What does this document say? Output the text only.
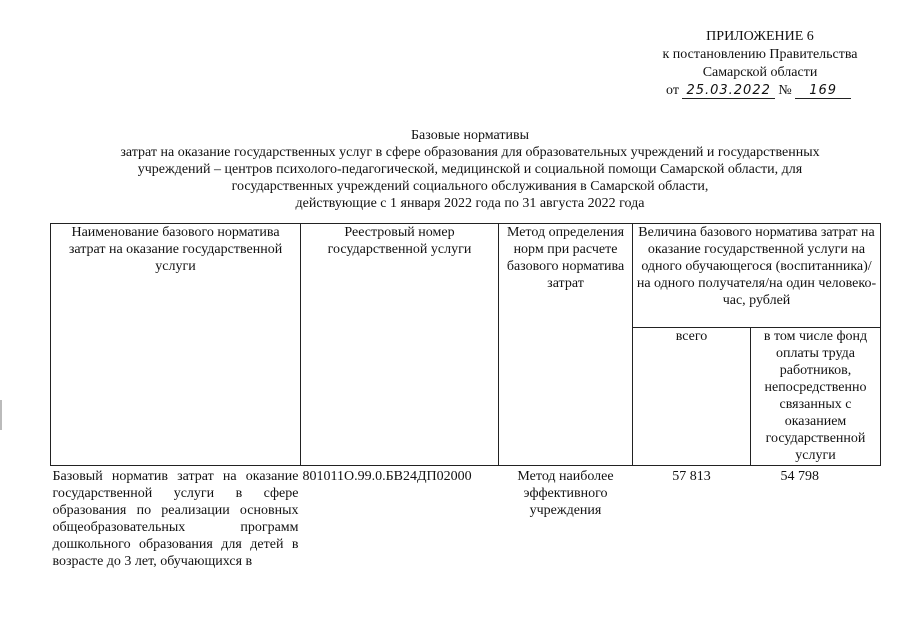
ПРИЛОЖЕНИЕ 6
к постановлению Правительства
Самарской области
от 25.03.2022 № 169
Базовые нормативы
затрат на оказание государственных услуг в сфере образования для образовательных учреждений и государственных
учреждений – центров психолого-педагогической, медицинской и социальной помощи Самарской области, для
государственных учреждений социального обслуживания в Самарской области,
действующие с 1 января 2022 года по 31 августа 2022 года
Наименование базового норматива затрат на оказание государственной услуги	Реестровый номер государственной услуги	Метод определения норм при расчете базового норматива затрат	Величина базового норматива затрат на оказание государственной услуги на одного обучающегося (воспитанника)/на одного получателя/на один человеко-час, рублей	
			всего	в том числе фонд оплаты труда работников, непосредственно связанных с оказанием государственной услуги
Базовый норматив затрат на оказание государственной услуги в сфере образования по реализации основных общеобразовательных программ дошкольного образования для детей в возрасте до 3 лет, обучающихся в	801011О.99.0.БВ24ДП02000	Метод наиболее эффективного учреждения	57 813	54 798
